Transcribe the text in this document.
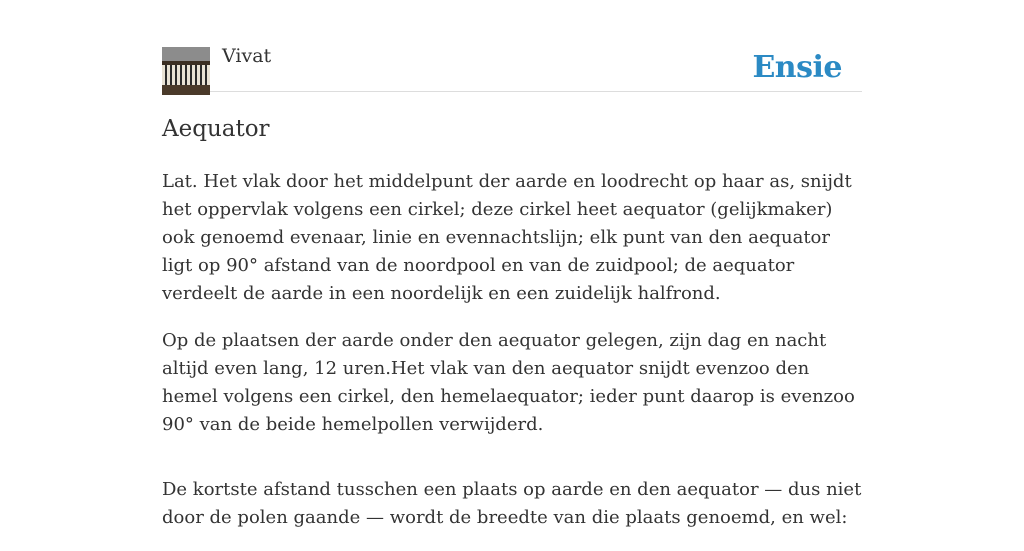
Vivat	Ensie
Aequator

Lat. Het vlak door het middelpunt der aarde en loodrecht op haar as, snijdt het oppervlak volgens een cirkel; deze cirkel heet aequator (gelijkmaker) ook genoemd evenaar, linie en evennachtslijn; elk punt van den aequator ligt op 90° afstand van de noordpool en van de zuidpool; de aequator verdeelt de aarde in een noordelijk en een zuidelijk halfrond.

Op de plaatsen der aarde onder den aequator gelegen, zijn dag en nacht altijd even lang, 12 uren.Het vlak van den aequator snijdt evenzoo den hemel volgens een cirkel, den hemelaequator; ieder punt daarop is evenzoo 90° van de beide hemelpollen verwijderd.

De kortste afstand tusschen een plaats op aarde en den aequator — dus niet door de polen gaande — wordt de breedte van die plaats genoemd, en wel:
